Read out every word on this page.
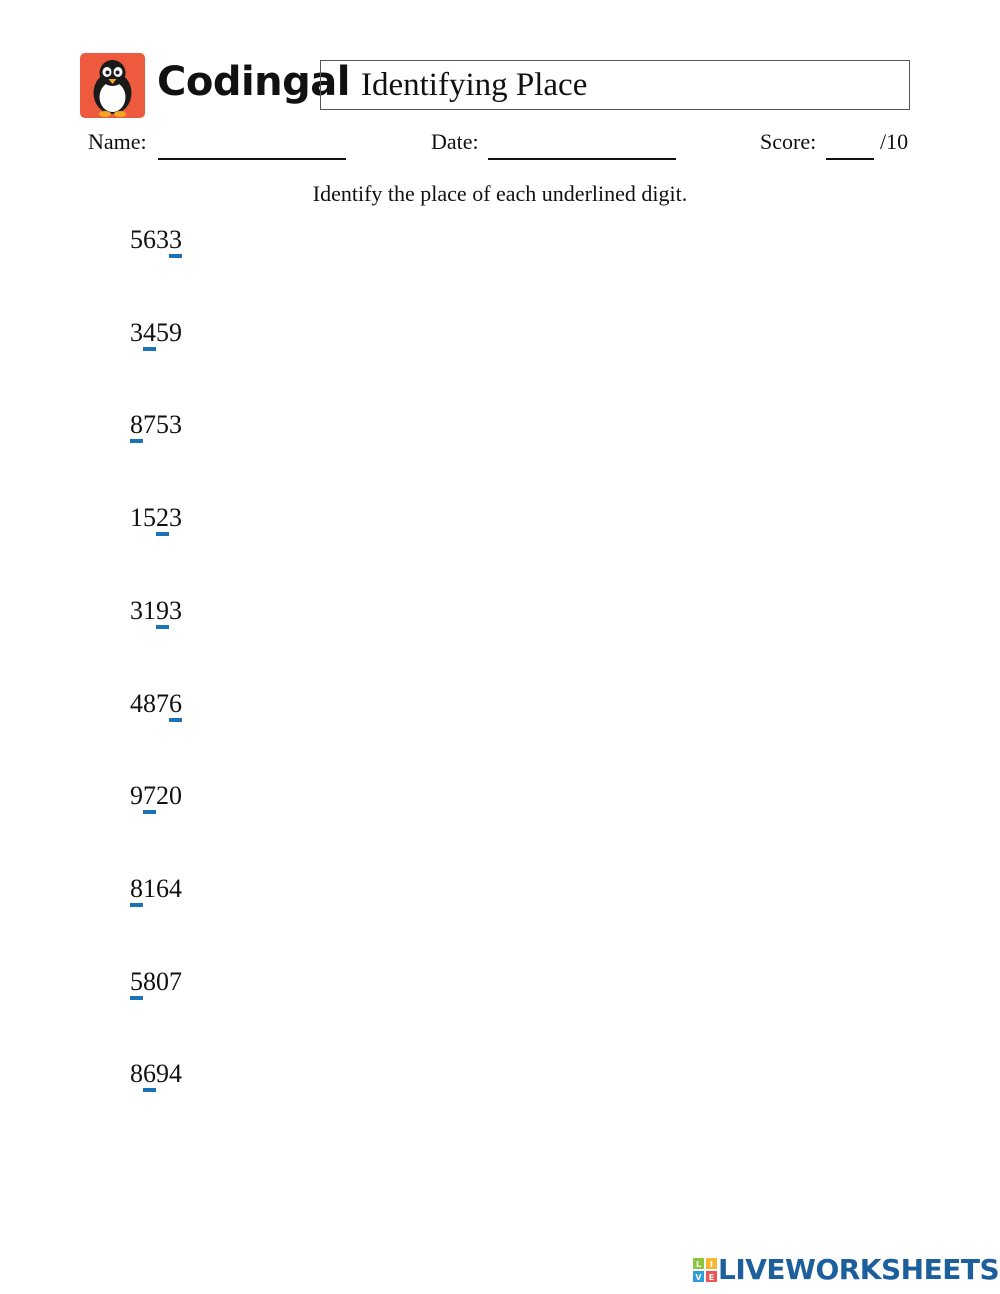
Codingal Identifying Place
Name:	Date:	Score:	/10
Identify the place of each underlined digit.
5633
3459
8753
1523
3193
4876
9720
8164
5807
8694
L I
V E LIVEWORKSHEETS
